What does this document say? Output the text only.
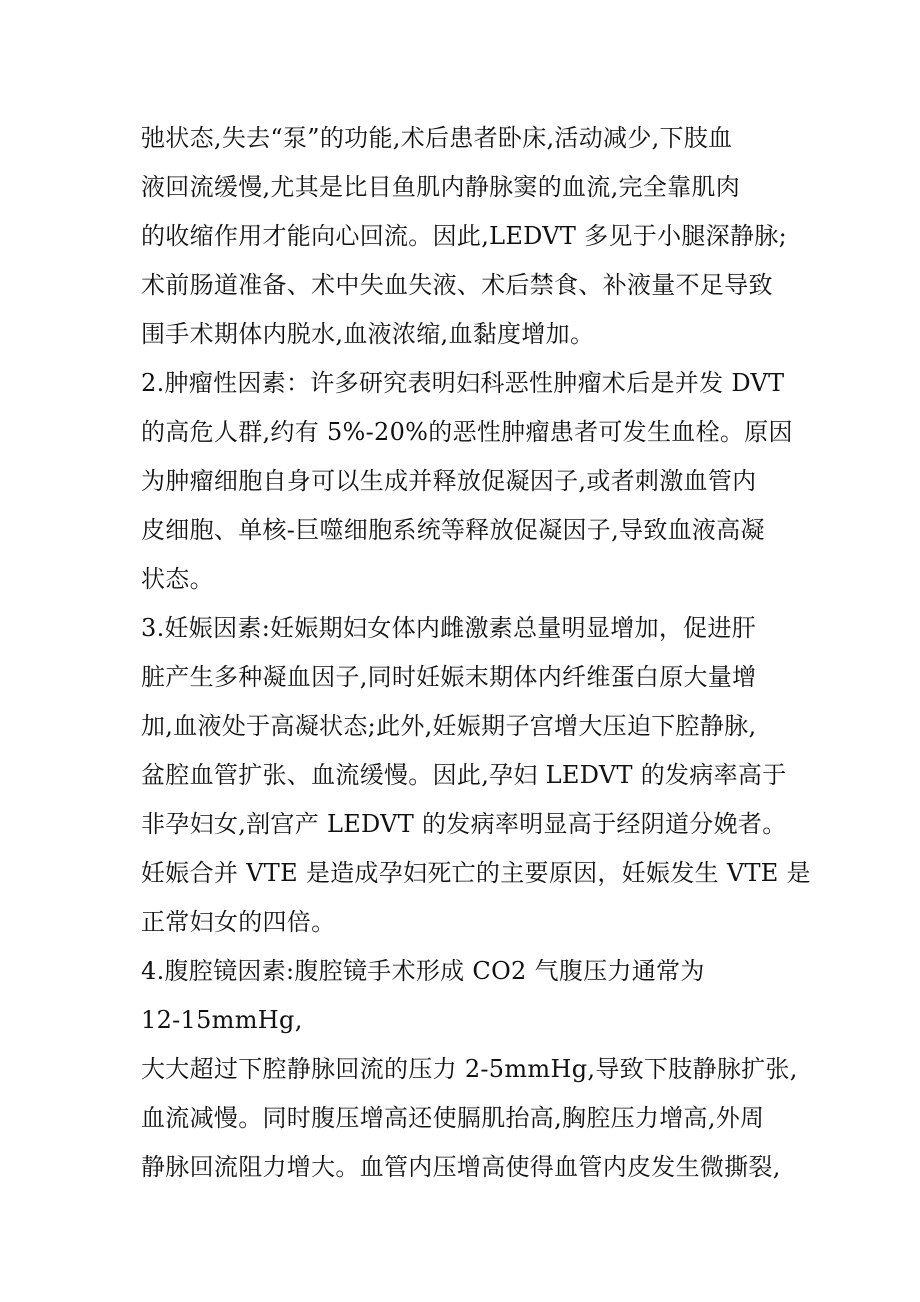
弛状态,失去“泵”的功能,术后患者卧床,活动减少,下肢血
液回流缓慢,尤其是比目鱼肌内静脉窦的血流,完全靠肌肉
的收缩作用才能向心回流。因此,LEDVT 多见于小腿深静脉;
术前肠道准备、术中失血失液、术后禁食、补液量不足导致
围手术期体内脱水,血液浓缩,血黏度增加。
2.肿瘤性因素：许多研究表明妇科恶性肿瘤术后是并发 DVT
的高危人群,约有 5%-20%的恶性肿瘤患者可发生血栓。原因
为肿瘤细胞自身可以生成并释放促凝因子,或者刺激血管内
皮细胞、单核-巨噬细胞系统等释放促凝因子,导致血液高凝
状态。
3.妊娠因素:妊娠期妇女体内雌激素总量明显增加，促进肝
脏产生多种凝血因子,同时妊娠末期体内纤维蛋白原大量增
加,血液处于高凝状态;此外,妊娠期子宫增大压迫下腔静脉,
盆腔血管扩张、血流缓慢。因此,孕妇 LEDVT 的发病率高于
非孕妇女,剖宫产 LEDVT 的发病率明显高于经阴道分娩者。
妊娠合并 VTE 是造成孕妇死亡的主要原因，妊娠发生 VTE 是
正常妇女的四倍。
4.腹腔镜因素:腹腔镜手术形成 CO2 气腹压力通常为
12-15mmHg,
大大超过下腔静脉回流的压力 2-5mmHg,导致下肢静脉扩张,
血流减慢。同时腹压增高还使膈肌抬高,胸腔压力增高,外周
静脉回流阻力增大。血管内压增高使得血管内皮发生微撕裂,
